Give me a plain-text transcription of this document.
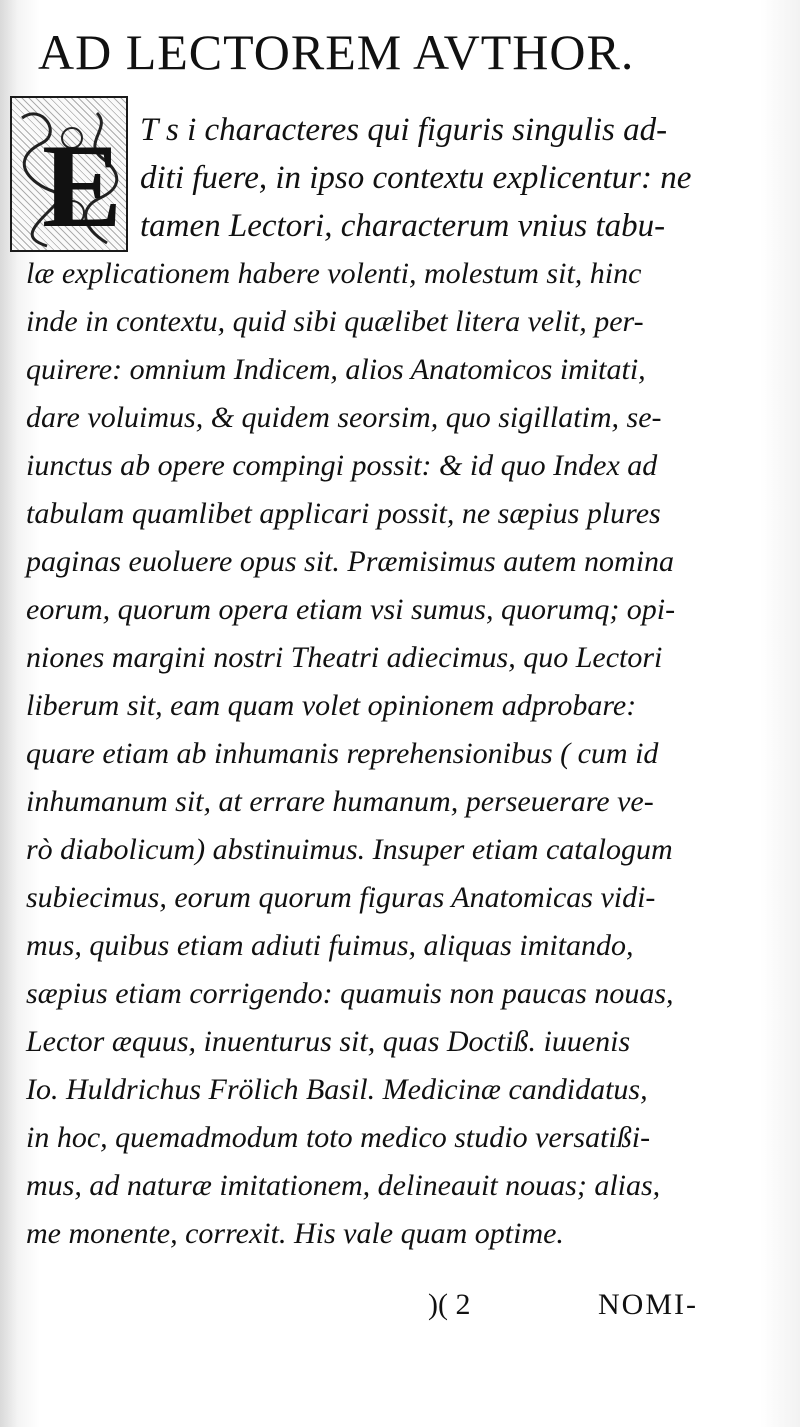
AD LECTOREM AVTHOR.
E T s i characteres qui figuris singulis ad-
diti fuere, in ipso contextu explicentur: ne
tamen Lectori, characterum vnius tabu-
læ explicationem habere volenti, molestum sit, hinc
inde in contextu, quid sibi quælibet litera velit, per-
quirere: omnium Indicem, alios Anatomicos imitati,
dare voluimus, & quidem seorsim, quo sigillatim, se-
iunctus ab opere compingi possit: & id quo Index ad
tabulam quamlibet applicari possit, ne sæpius plures
paginas euoluere opus sit. Præmisimus autem nomina
eorum, quorum opera etiam vsi sumus, quorumq; opi-
niones margini nostri Theatri adiecimus, quo Lectori
liberum sit, eam quam volet opinionem adprobare:
quare etiam ab inhumanis reprehensionibus ( cum id
inhumanum sit, at errare humanum, perseuerare ve-
rò diabolicum) abstinuimus. Insuper etiam catalogum
subiecimus, eorum quorum figuras Anatomicas vidi-
mus, quibus etiam adiuti fuimus, aliquas imitando,
sæpius etiam corrigendo: quamuis non paucas nouas,
Lector æquus, inuenturus sit, quas Doctiß. iuuenis
Io. Huldrichus Frölich Basil. Medicinæ candidatus,
in hoc, quemadmodum toto medico studio versatißi-
mus, ad naturæ imitationem, delineauit nouas; alias,
me monente, correxit. His vale quam optime.
)( 2	NOMI-
